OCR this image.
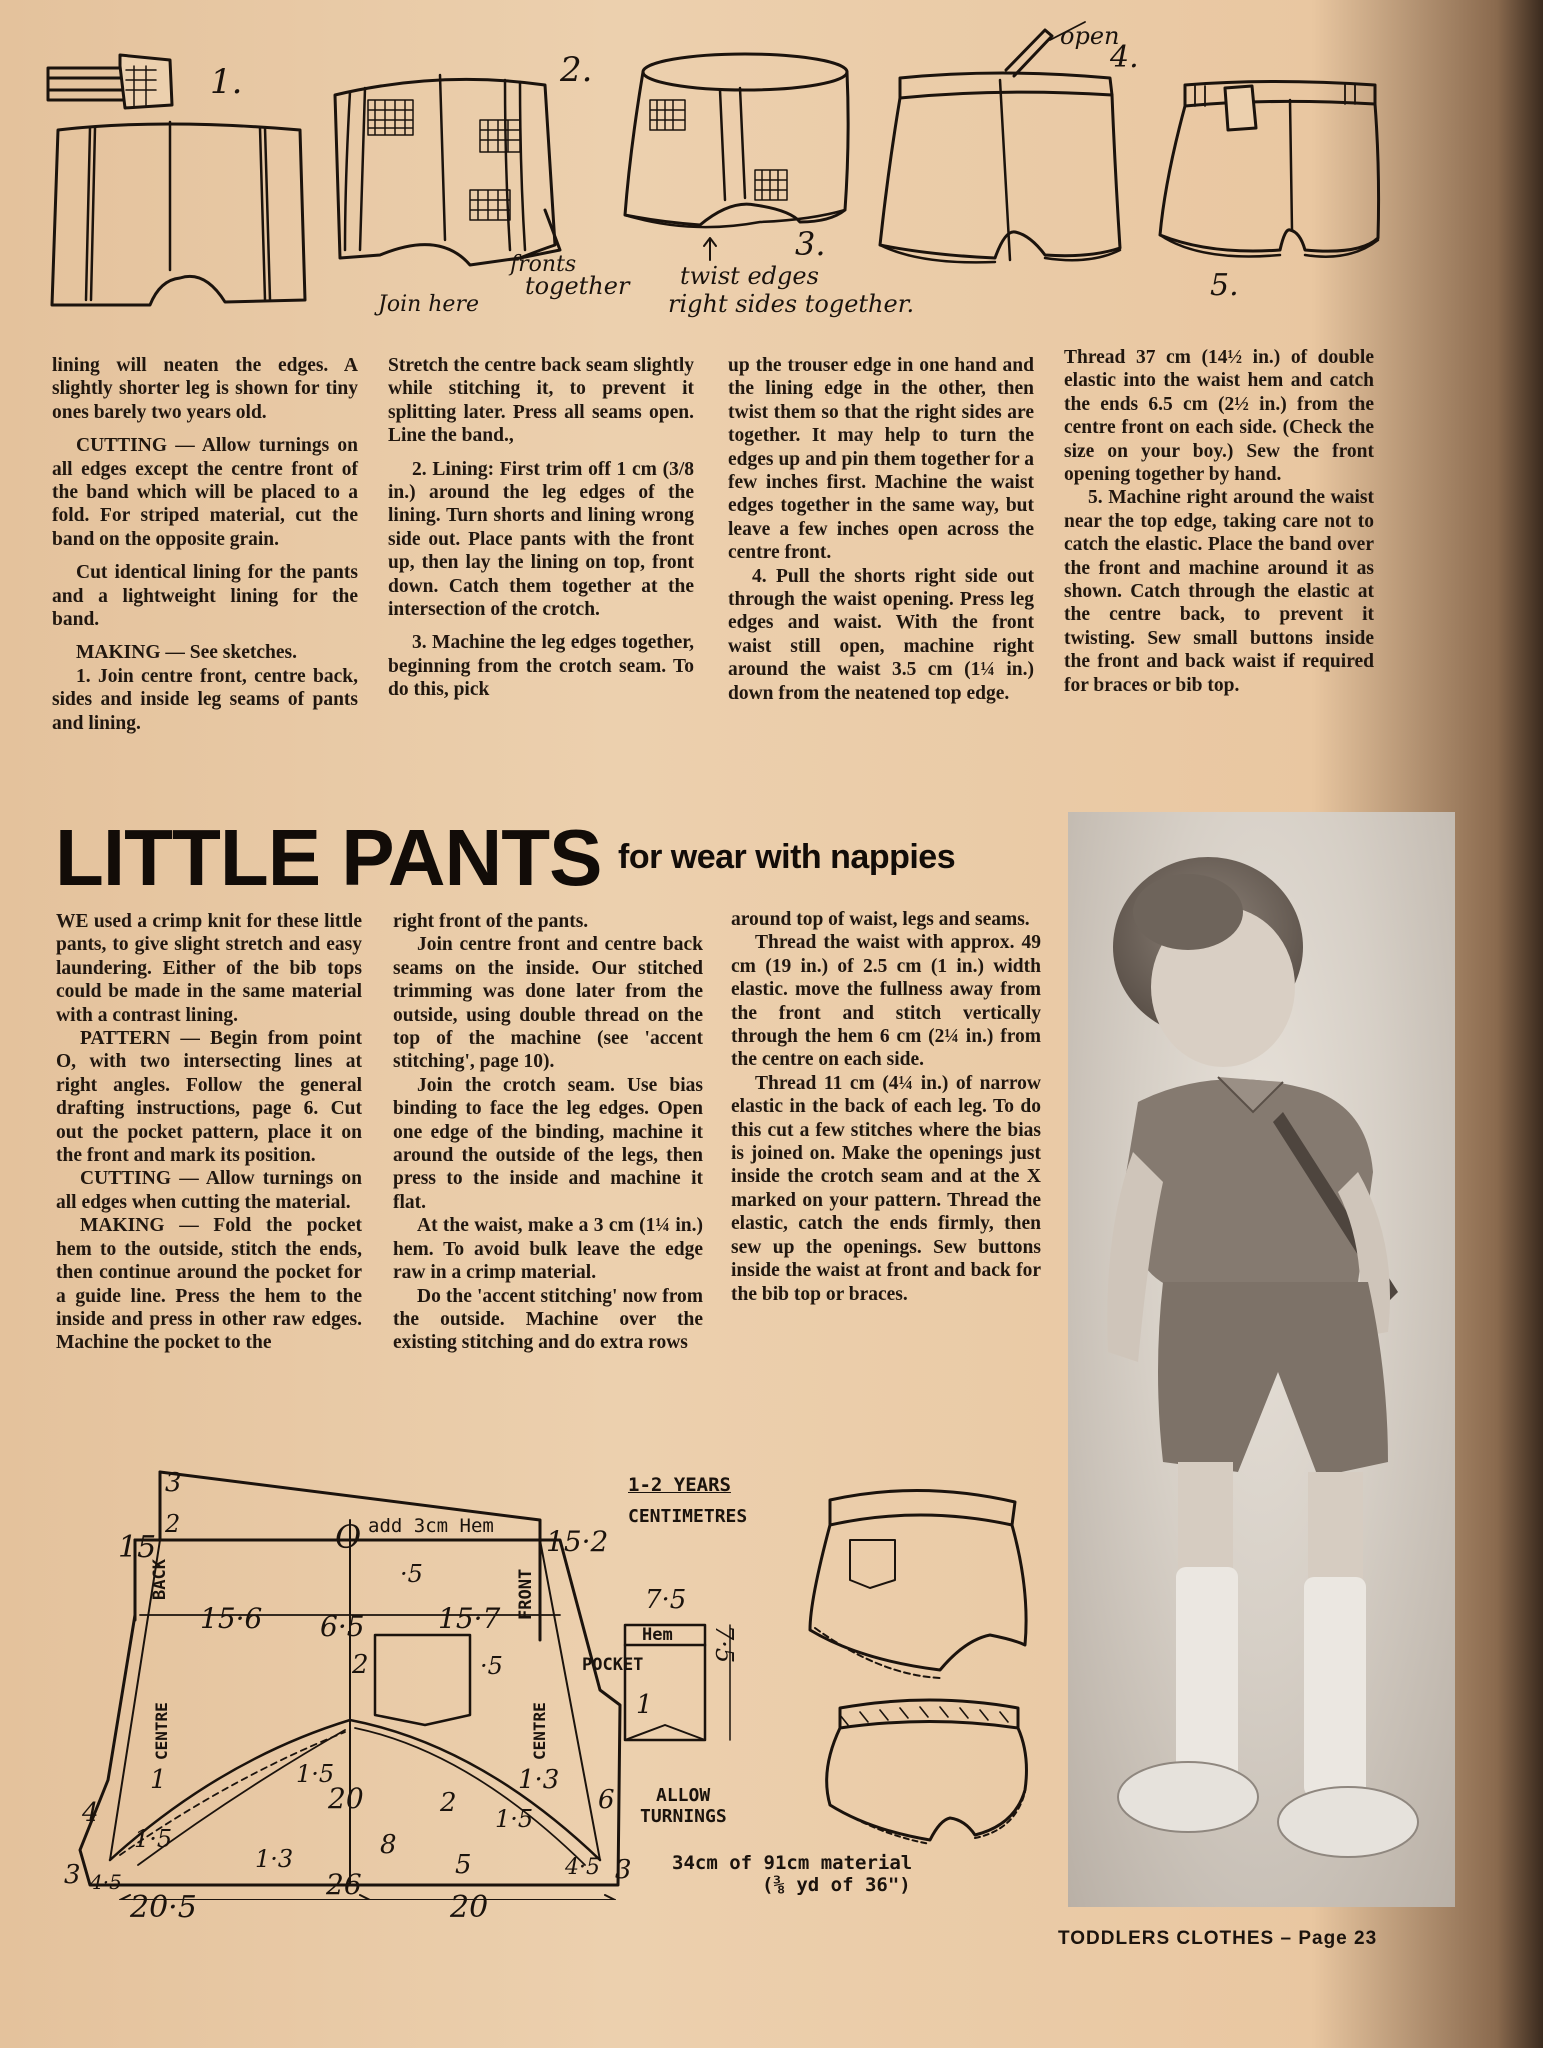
1.	2.
3.
4.
5.
open
Join here
fronts
together twist edges
right sides together.

lining will neaten the edges. A slightly shorter leg is shown for tiny ones barely two years old.

CUTTING — Allow turnings on all edges except the centre front of the band which will be placed to a fold. For striped material, cut the band on the opposite grain.

Cut identical lining for the pants and a lightweight lining for the band.

MAKING — See sketches.

1. Join centre front, centre back, sides and inside leg seams of pants and lining.

Stretch the centre back seam slightly while stitching it, to prevent it splitting later. Press all seams open. Line the band.,

2. Lining: First trim off 1 cm (3/8 in.) around the leg edges of the lining. Turn shorts and lining wrong side out. Place pants with the front up, then lay the lining on top, front down. Catch them together at the intersection of the crotch.

3. Machine the leg edges together, beginning from the crotch seam. To do this, pick

up the trouser edge in one hand and the lining edge in the other, then twist them so that the right sides are together. It may help to turn the edges up and pin them together for a few inches first. Machine the waist edges together in the same way, but leave a few inches open across the centre front.

4. Pull the shorts right side out through the waist opening. Press leg edges and waist. With the front waist still open, machine right around the waist 3.5 cm (1¼ in.) down from the neatened top edge.

Thread 37 cm (14½ in.) of double elastic into the waist hem and catch the ends 6.5 cm (2½ in.) from the centre front on each side. (Check the size on your boy.) Sew the front opening together by hand.

5. Machine right around the waist near the top edge, taking care not to catch the elastic. Place the band over the front and machine around it as shown. Catch through the elastic at the centre back, to prevent it twisting. Sew small buttons inside the front and back waist if required for braces or bib top.

LITTLE PANTS for wear with nappies

WE used a crimp knit for these little pants, to give slight stretch and easy laundering. Either of the bib tops could be made in the same material with a contrast lining.

PATTERN — Begin from point O, with two intersecting lines at right angles. Follow the general drafting instructions, page 6. Cut out the pocket pattern, place it on the front and mark its position.

CUTTING — Allow turnings on all edges when cutting the material.

MAKING — Fold the pocket hem to the outside, stitch the ends, then continue around the pocket for a guide line. Press the hem to the inside and press in other raw edges. Machine the pocket to the

right front of the pants.

Join centre front and centre back seams on the inside. Our stitched trimming was done later from the outside, using double thread on the top of the machine (see 'accent stitching', page 10).

Join the crotch seam. Use bias binding to face the leg edges. Open one edge of the binding, machine it around the outside of the legs, then press to the inside and machine it flat.

At the waist, make a 3 cm (1¼ in.) hem. To avoid bulk leave the edge raw in a crimp material.

Do the 'accent stitching' now from the outside. Machine over the existing stitching and do extra rows

around top of waist, legs and seams.

Thread the waist with approx. 49 cm (19 in.) of 2.5 cm (1 in.) width elastic. move the fullness away from the front and stitch vertically through the hem 6 cm (2¼ in.) from the centre on each side.

Thread 11 cm (4¼ in.) of narrow elastic in the back of each leg. To do this cut a few stitches where the bias is joined on. Make the openings just inside the crotch seam and at the X marked on your pattern. Thread the elastic, catch the ends firmly, then sew up the openings. Sew buttons inside the waist at front and back for the bib top or braces.

1-2 YEARS
CENTIMETRES
add 3cm Hem
BACK	FRONT
CENTRE	CENTRE
POCKET
Hem
ALLOW
TURNINGS
34cm of 91cm material
(⅜ yd of 36")
3
2
15	O	15·2
·5
15·6 6·5	15·7
2	·5
7·5
7·5
1
1	1·5
20
1·3
6
4
1·5
1·3
2
1·5
3 4·5
8
5	4·5 3
26
20·5	20
TODDLERS CLOTHES – Page 23
